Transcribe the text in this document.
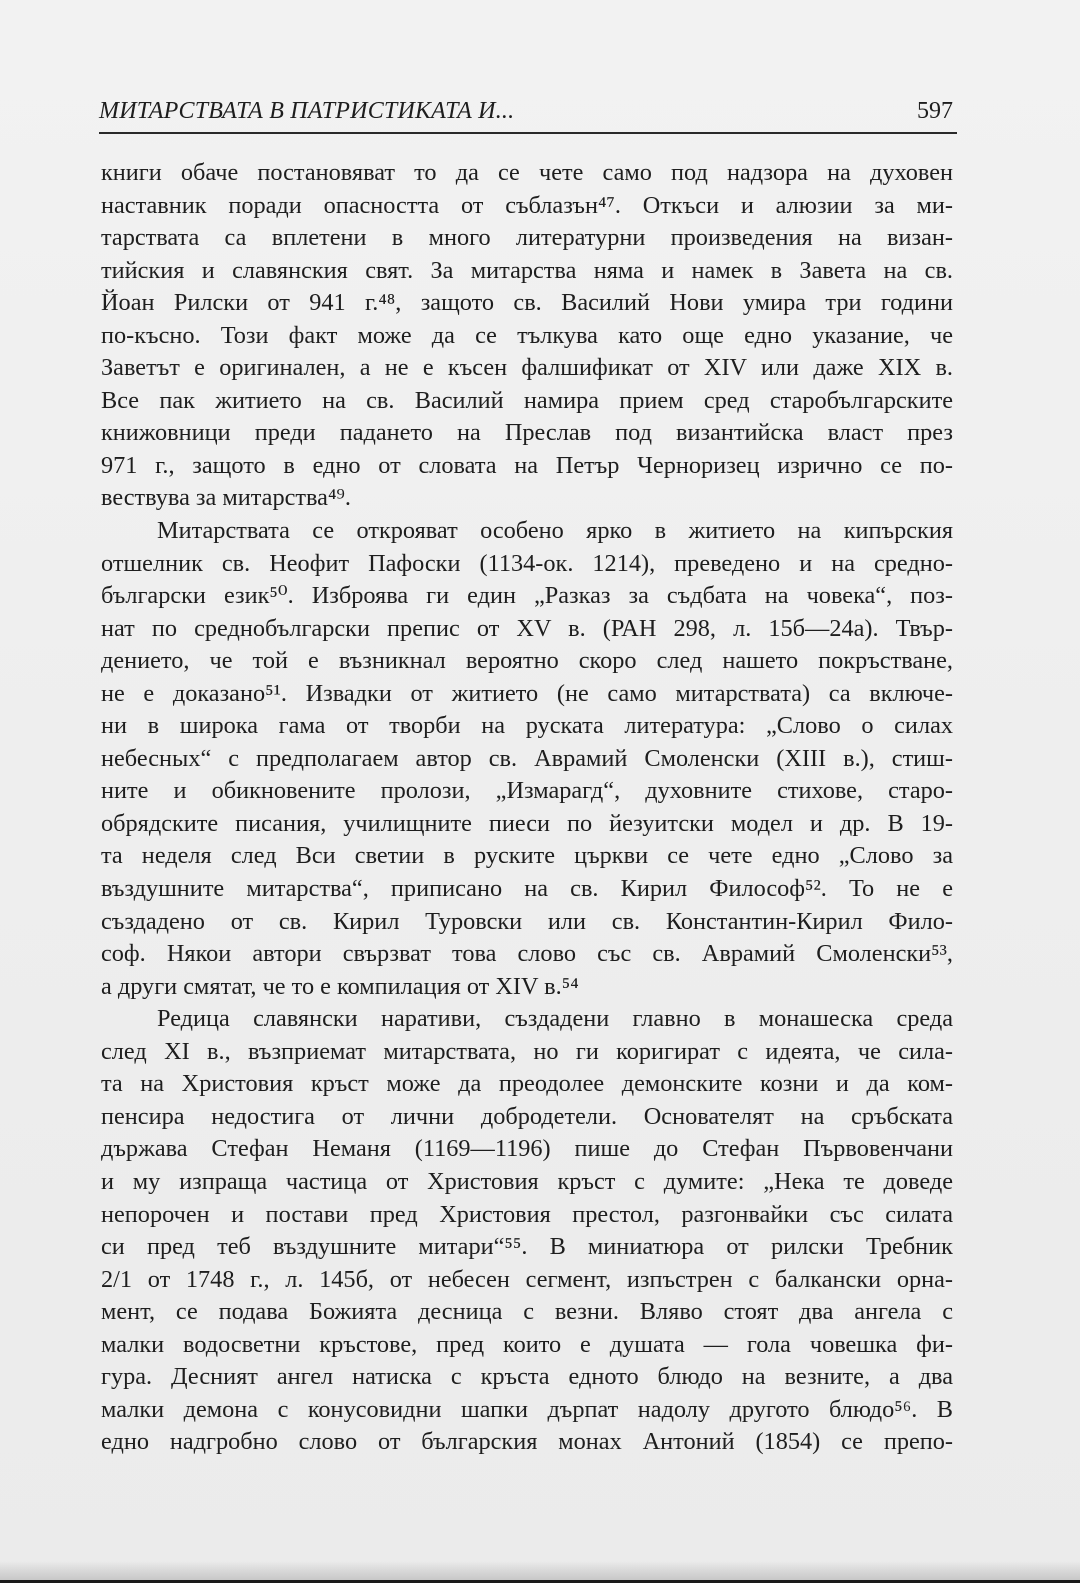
МИТАРСТВАТА В ПАТРИСТИКАТА И...	597
книги обаче постановяват то да се четe само под надзора на духовен
наставник поради опасността от съблазън⁴⁷. Откъси и алюзии за ми-
тарствата са вплетени в много литературни произведения на визан-
тийския и славянския свят. За митарства няма и намек в Завета на св.
Йоан Рилски от 941 г.⁴⁸, защото св. Василий Нови умира три години
по-късно. Този факт може да се тълкува като още едно указание, че
Заветът е оригинален, а не е късен фалшификат от XIV или даже XIX в.
Все пак житието на св. Василий намира прием сред старобългарските
книжовници преди падането на Преслав под византийска власт през
971 г., защото в едно от словата на Петър Черноризец изрично се по-
вествува за митарства⁴⁹.
Митарствата се открояват особено ярко в житието на кипърския
отшелник св. Неофит Пафоски (1134-ок. 1214), преведено и на средно-
български език⁵⁰. Изброява ги един „Разказ за съдбата на човека“, поз-
нат по среднобългарски препис от XV в. (РАН 298, л. 15б—24а). Твър-
дението, че той е възникнал вероятно скоро след нашето покръстване,
не е доказано⁵¹. Извадки от житието (не само митарствата) са включе-
ни в широка гама от творби на руската литература: „Слово о силах
небесных“ с предполагаем автор св. Аврамий Смоленски (XIII в.), стиш-
ните и обикновените пролози, „Измарагд“, духовните стихове, старо-
обрядските писания, училищните пиеси по йезуитски модел и др. В 19-
та неделя след Вси светии в руските църкви се четe едно „Слово за
въздушните митарства“, приписано на св. Кирил Философ⁵². То не е
създадено от св. Кирил Туровски или св. Константин-Кирил Фило-
соф. Някои автори свързват това слово със св. Аврамий Смоленски⁵³,
а други смятат, че то е компилация от XIV в.⁵⁴
Редица славянски наративи, създадени главно в монашеска среда
след XI в., възприемат митарствата, но ги коригират с идеята, че сила-
та на Христовия кръст може да преодолее демонските козни и да ком-
пенсира недостига от лични добродетели. Основателят на сръбската
държава Стефан Неманя (1169—1196) пише до Стефан Първовенчани
и му изпраща частица от Христовия кръст с думите: „Нека те доведе
непорочен и постави пред Христовия престол, разгонвайки със силата
си пред теб въздушните митари“⁵⁵. В миниатюра от рилски Требник
2/1 от 1748 г., л. 145б, от небесен сегмент, изпъстрен с балкански орна-
мент, се подава Божията десница с везни. Вляво стоят два ангела с
малки водосветни кръстове, пред които е душата — гола човешка фи-
гура. Десният ангел натиска с кръста едното блюдо на везните, а два
малки демона с конусовидни шапки дърпат надолу другото блюдо⁵⁶. В
едно надгробно слово от българския монах Антоний (1854) се препо-
